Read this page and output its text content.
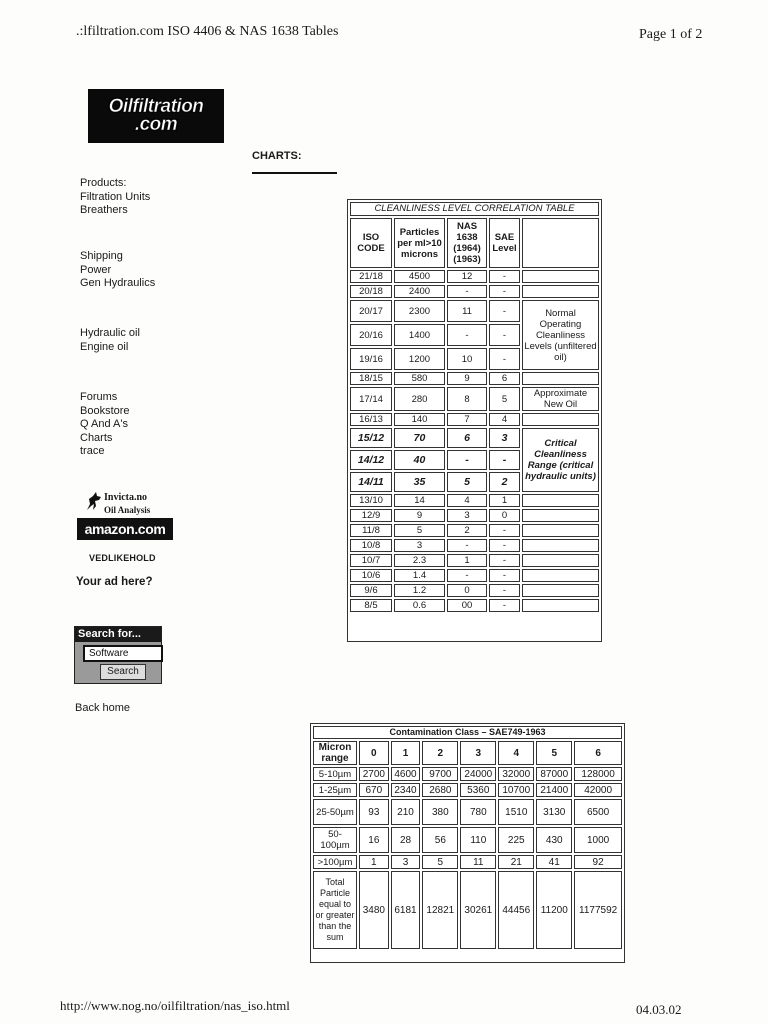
.:lfiltration.com ISO 4406 & NAS 1638 Tables	Page 1 of 2
Oilfiltration
.com
CHARTS:
Products:
Filtration Units
Breathers
Shipping
Power
Gen Hydraulics
Hydraulic oil
Engine oil
Forums
Bookstore
Q And A's
Charts
trace
Invicta.no
Oil Analysis
amazon.com
VEDLIKEHOLD
Your ad here?
Search for...
Software
Search
Back home
CLEANLINESS LEVEL CORRELATION TABLE				
ISO CODE	Particles per ml>10 microns	NAS 1638 (1964) (1963)	SAE Level	
21/18	4500	12	-	
20/18	2400	-	-	
20/17	2300	11	-	Normal Operating Cleanliness Levels (unfiltered oil)
20/16	1400	-	-	
19/16	1200	10	-	
18/15	580	9	6	
17/14	280	8	5	Approximate New Oil
16/13	140	7	4	
15/12	70	6	3	Critical Cleanliness Range (critical hydraulic units)
14/12	40	-	-	
14/11	35	5	2	
13/10	14	4	1	
12/9	9	3	0	
11/8	5	2	-	
10/8	3	-	-	
10/7	2.3	1	-	
10/6	1.4	-	-	
9/6	1.2	0	-	
8/5	0.6	00	-	
Contamination Class – SAE749-1963							
Micron range	0	1	2	3	4	5	6
5-10µm	2700	4600	9700	24000	32000	87000	128000
1-25µm	670	2340	2680	5360	10700	21400	42000
25-50µm	93	210	380	780	1510	3130	6500
50-100µm	16	28	56	110	225	430	1000
>100µm	1	3	5	11	21	41	92
Total Particle equal to or greater than the sum	3480	6181	12821	30261	44456	11200	1177592
http://www.nog.no/oilfiltration/nas_iso.html	04.03.02
